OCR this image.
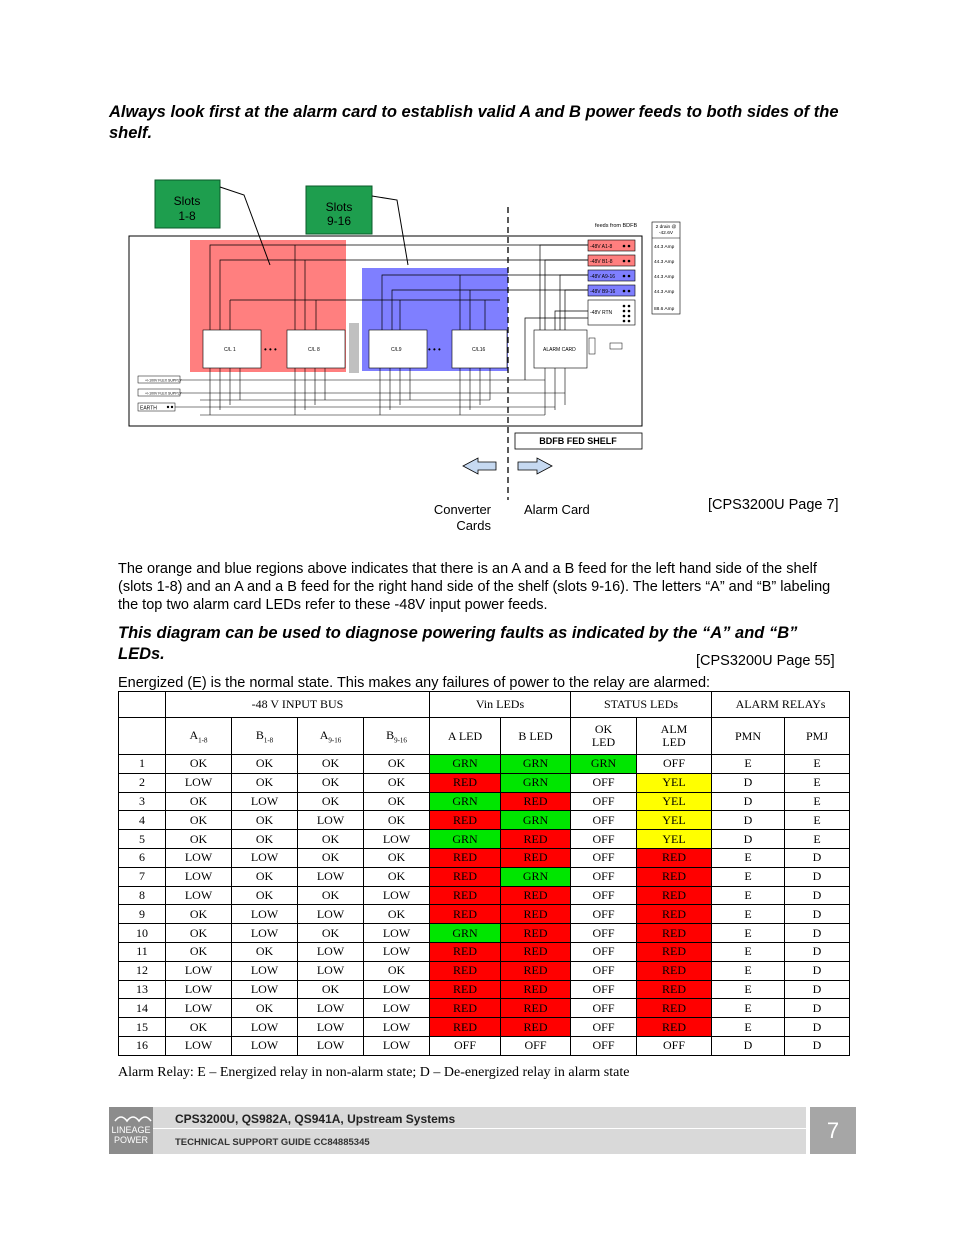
Always look first at the alarm card to establish valid A and B power feeds to both sides of the shelf.
Slots
1-8
Slots
9-16	feeds from BDFB
-48V A1-8
-48V B1-8
-48V A9-16
-48V B9-16
-48V RTN
2 drain @
-42.6V
44.3 Amp
44.3 Amp
44.3 Amp
44.3 Amp
88.6 Amp
C/L 1	C/L 8	C/L9	C/L16	ALARM CARD
• • •	• • •
+/-100V FLEX SUPPLY
+/-100V FLEX SUPPLY
EARTH
BDFB FED SHELF
Converter
Cards
Alarm Card	[CPS3200U Page 7]
The orange and blue regions above indicates that there is an A and a B feed for the left hand side of the shelf (slots 1-8) and an A and a B feed for the right hand side of the shelf (slots 9-16). The letters “A” and “B” labeling the top two alarm card LEDs refer to these -48V input power feeds.
This diagram can be used to diagnose powering faults as indicated by the “A” and “B” LEDs.	[CPS3200U Page 55]
Energized (E) is the normal state. This makes any failures of power to the relay are alarmed:
	-48 V INPUT BUS				Vin LEDs		STATUS LEDs		ALARM RELAYs	
	$A_{1-8}$	$B_{1-8}$	$A_{9-16}$	$B_{9-16}$	A LED	B LED	OK LED	ALM LED	PMN	PMJ
1	OK	OK	OK	OK	GRN	GRN	GRN	OFF	E	E
2	LOW	OK	OK	OK	RED	GRN	OFF	YEL	D	E
3	OK	LOW	OK	OK	GRN	RED	OFF	YEL	D	E
4	OK	OK	LOW	OK	RED	GRN	OFF	YEL	D	E
5	OK	OK	OK	LOW	GRN	RED	OFF	YEL	D	E
6	LOW	LOW	OK	OK	RED	RED	OFF	RED	E	D
7	LOW	OK	LOW	OK	RED	GRN	OFF	RED	E	D
8	LOW	OK	OK	LOW	RED	RED	OFF	RED	E	D
9	OK	LOW	LOW	OK	RED	RED	OFF	RED	E	D
10	OK	LOW	OK	LOW	GRN	RED	OFF	RED	E	D
11	OK	OK	LOW	LOW	RED	RED	OFF	RED	E	D
12	LOW	LOW	LOW	OK	RED	RED	OFF	RED	E	D
13	LOW	LOW	OK	LOW	RED	RED	OFF	RED	E	D
14	LOW	OK	LOW	LOW	RED	RED	OFF	RED	E	D
15	OK	LOW	LOW	LOW	RED	RED	OFF	RED	E	D
16	LOW	LOW	LOW	LOW	OFF	OFF	OFF	OFF	D	D
Alarm Relay: E – Energized relay in non-alarm state; D – De-energized relay in alarm state
LINEAGE
POWER
CPS3200U, QS982A, QS941A, Upstream Systems
TECHNICAL SUPPORT GUIDE CC84885345	7
